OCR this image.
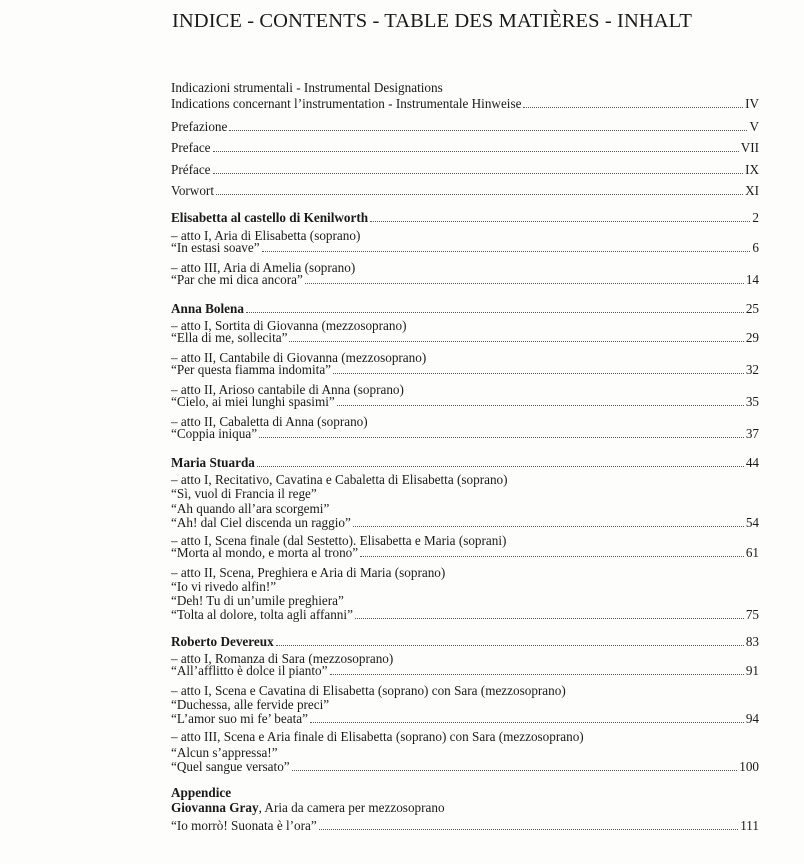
INDICE - CONTENTS - TABLE DES MATIÈRES - INHALT
Indicazioni strumentali - Instrumental Designations
Indications concernant l’instrumentation - Instrumentale Hinweise	IV
Prefazione	V
Preface	VII
Préface	IX
Vorwort	XI
Elisabetta al castello di Kenilworth	2
– atto I, Aria di Elisabetta (soprano)
“In estasi soave”	6
– atto III, Aria di Amelia (soprano)
“Par che mi dica ancora”	14
Anna Bolena	25
– atto I, Sortita di Giovanna (mezzosoprano)
“Ella di me, sollecita”	29
– atto II, Cantabile di Giovanna (mezzosoprano)
“Per questa fiamma indomita”	32
– atto II, Arioso cantabile di Anna (soprano)
“Cielo, ai miei lunghi spasimi”	35
– atto II, Cabaletta di Anna (soprano)
“Coppia iniqua”	37
Maria Stuarda	44
– atto I, Recitativo, Cavatina e Cabaletta di Elisabetta (soprano)
“Sì, vuol di Francia il rege”
“Ah quando all’ara scorgemi”
“Ah! dal Ciel discenda un raggio”	54
– atto I, Scena finale (dal Sestetto). Elisabetta e Maria (soprani)
“Morta al mondo, e morta al trono”	61
– atto II, Scena, Preghiera e Aria di Maria (soprano)
“Io vi rivedo alfin!”
“Deh! Tu di un’umile preghiera”
“Tolta al dolore, tolta agli affanni”	75
Roberto Devereux	83
– atto I, Romanza di Sara (mezzosoprano)
“All’afflitto è dolce il pianto”	91
– atto I, Scena e Cavatina di Elisabetta (soprano) con Sara (mezzosoprano)
“Duchessa, alle fervide preci”
“L’amor suo mi fe’ beata”	94
– atto III, Scena e Aria finale di Elisabetta (soprano) con Sara (mezzosoprano)
“Alcun s’appressa!”
“Quel sangue versato”	100
Appendice
Giovanna Gray, Aria da camera per mezzosoprano
“Io morrò! Suonata è l’ora”	111
